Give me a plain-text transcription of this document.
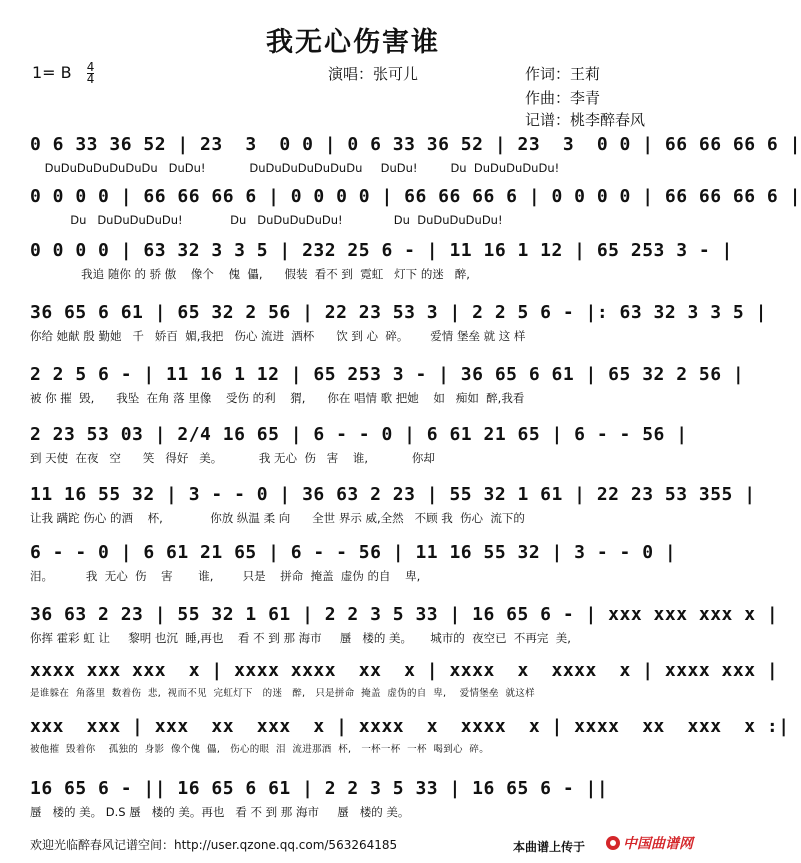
我无心伤害谁
1= B $\frac{4}{4}$	演唱：张可儿	作词：王莉
作曲：李青
记谱：桃李醉春风
0 6 33 36 52 | 23  3  0 0 | 0 6 33 36 52 | 23  3  0 0 | 66 66 66 6 |
DuDuDuDuDuDuDu   DuDu!            DuDuDuDuDuDuDu     DuDu!         Du  DuDuDuDuDu!
0 0 0 0 | 66 66 66 6 | 0 0 0 0 | 66 66 66 6 | 0 0 0 0 | 66 66 66 6 |
Du   DuDuDuDuDu!             Du   DuDuDuDuDu!              Du  DuDuDuDuDu!
0 0 0 0 | 63 32 3 3 5 | 232 25 6 - | 11 16 1 12 | 65 253 3 - |
我追 随你 的 骄 傲    像个    傀  儡,      假装  看不 到  霓虹   灯下 的迷   醉,
36 65 6 61 | 65 32 2 56 | 22 23 53 3 | 2 2 5 6 - |: 63 32 3 3 5 |
你给 她献 殷 勤她   千   娇百  媚,我把   伤心 流进  酒杯      饮 到 心  碎。      爱情 堡垒 就 这 样
2 2 5 6 - | 11 16 1 12 | 65 253 3 - | 36 65 6 61 | 65 32 2 56 |
被 你 摧  毁,      我坠  在角 落 里像    受伤 的利    猬,      你在 唱情 歌 把她    如   痴如  醉,我看
2 23 53 03 | 2/4 16 65 | 6 - - 0 | 6 61 21 65 | 6 - - 56 |
到 天使  在夜   空      笑   得好   美。          我 无心  伤   害    谁,            你却
11 16 55 32 | 3 - - 0 | 36 63 2 23 | 55 32 1 61 | 22 23 53 355 |
让我 蹒跎 伤心 的酒    杯,             你放 纵温 柔 向      全世 界示 威,全然   不顾 我  伤心  流下的
6 - - 0 | 6 61 21 65 | 6 - - 56 | 11 16 55 32 | 3 - - 0 |
泪。         我  无心  伤    害       谁,        只是    拼命  掩盖  虚伪 的自    卑,
36 63 2 23 | 55 32 1 61 | 2 2 3 5 33 | 16 65 6 - | xxx xxx xxx x |
你挥 霍彩 虹 让     黎明 也沉  睡,再也    看 不 到 那 海市     蜃   楼的 美。     城市的  夜空已  不再完  美,
xxxx xxx xxx  x | xxxx xxxx  xx  x | xxxx  x  xxxx  x | xxxx xxx |
是谁躲在  角落里  数着伤  悲,  视而不见  完虹灯下   的迷   醉,   只是拼命  掩盖  虚伪的自  卑,    爱情堡垒  就这样
xxx  xxx | xxx  xx  xxx  x | xxxx  x  xxxx  x | xxxx  xx  xxx  x :|
被他摧  毁着你    孤独的  身影  像个傀  儡,   伤心的眼  泪  流进那酒  杯,   一杯一杯  一杯  喝到心  碎。
16 65 6 - || 16 65 6 61 | 2 2 3 5 33 | 16 65 6 - ||
蜃   楼的 美。 D.S 蜃   楼的 美。再也   看 不 到 那 海市     蜃   楼的 美。
欢迎光临醉春风记谱空间：http://user.qzone.qq.com/563264185	本曲谱上传于	中国曲谱网
